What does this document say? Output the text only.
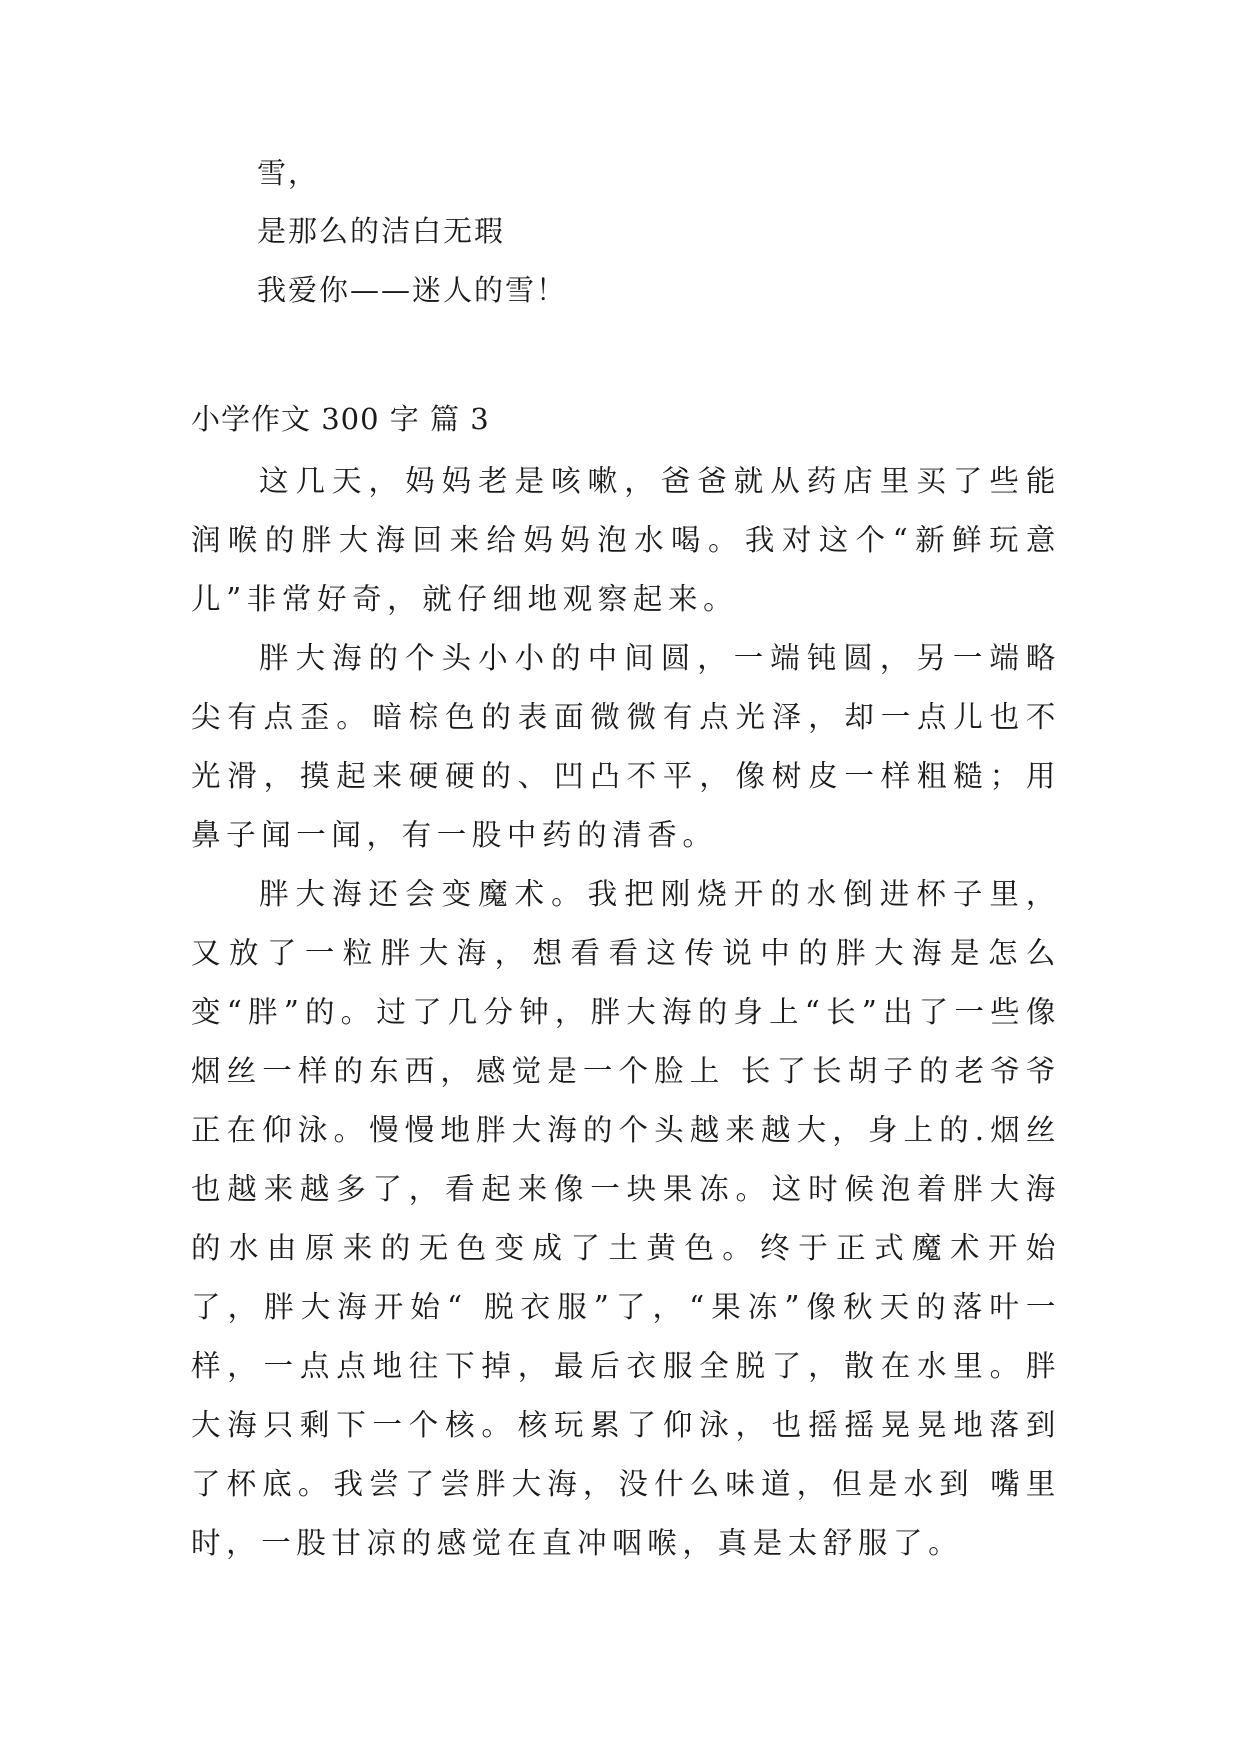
雪，
是那么的洁白无瑕
我爱你——迷人的雪！
小学作文 300 字 篇 3

这几天，妈妈老是咳嗽，爸爸就从药店里买了些能润喉的胖大海回来给妈妈泡水喝。我对这个“新鲜玩意儿”非常好奇，就仔细地观察起来。

胖大海的个头小小的中间圆，一端钝圆，另一端略尖有点歪。暗棕色的表面微微有点光泽，却一点儿也不光滑，摸起来硬硬的、凹凸不平，像树皮一样粗糙；用鼻子闻一闻，有一股中药的清香。

胖大海还会变魔术。我把刚烧开的水倒进杯子里，又放了一粒胖大海，想看看这传说中的胖大海是怎么变“胖”的。过了几分钟，胖大海的身上“长”出了一些像烟丝一样的东西，感觉是一个脸上 长了长胡子的老爷爷正在仰泳。慢慢地胖大海的个头越来越大，身上的.烟丝也越来越多了，看起来像一块果冻。这时候泡着胖大海的水由原来的无色变成了土黄色。终于正式魔术开始了，胖大海开始“ 脱衣服”了，“果冻”像秋天的落叶一样，一点点地往下掉，最后衣服全脱了，散在水里。胖大海只剩下一个核。核玩累了仰泳，也摇摇晃晃地落到了杯底。我尝了尝胖大海，没什么味道，但是水到 嘴里时，一股甘凉的感觉在直冲咽喉，真是太舒服了。
